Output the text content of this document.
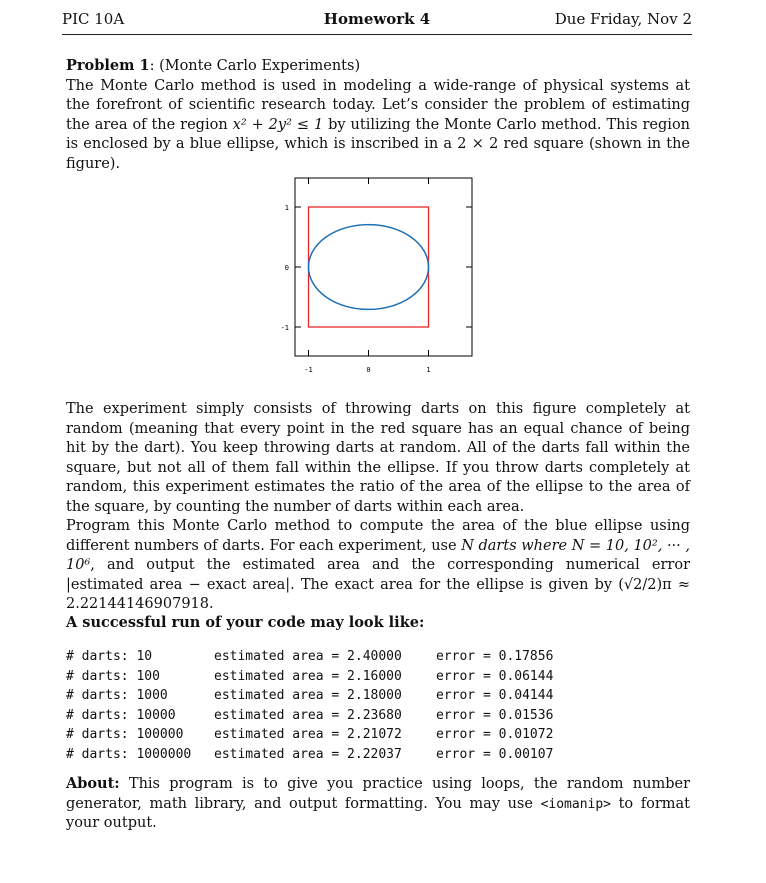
PIC 10A	Homework 4	Due Friday, Nov 2

Problem 1: (Monte Carlo Experiments)
The Monte Carlo method is used in modeling a wide-range of physical systems at the forefront of scientific research today. Let’s consider the problem of estimating the area of the region x² + 2y² ≤ 1 by utilizing the Monte Carlo method. This region is enclosed by a blue ellipse, which is inscribed in a 2 × 2 red square (shown in the figure).

1
0
-1
-1	0	1

The experiment simply consists of throwing darts on this figure completely at random (meaning that every point in the red square has an equal chance of being hit by the dart). You keep throwing darts at random. All of the darts fall within the square, but not all of them fall within the ellipse. If you throw darts completely at random, this experiment estimates the ratio of the area of the ellipse to the area of the square, by counting the number of darts within each area.

Program this Monte Carlo method to compute the area of the blue ellipse using different numbers of darts. For each experiment, use N darts where N = 10, 10², ··· , 10⁶, and output the estimated area and the corresponding numerical error |estimated area − exact area|. The exact area for the ellipse is given by (√2/2)π ≈ 2.22144146907918.

A successful run of your code may look like:
# darts: 10	estimated area = 2.40000	error = 0.17856
# darts: 100	estimated area = 2.16000	error = 0.06144
# darts: 1000	estimated area = 2.18000	error = 0.04144
# darts: 10000	estimated area = 2.23680	error = 0.01536
# darts: 100000 estimated area = 2.21072	error = 0.01072
# darts: 1000000 estimated area = 2.22037	error = 0.00107

About: This program is to give you practice using loops, the random number generator, math library, and output formatting. You may use <iomanip> to format your output.
